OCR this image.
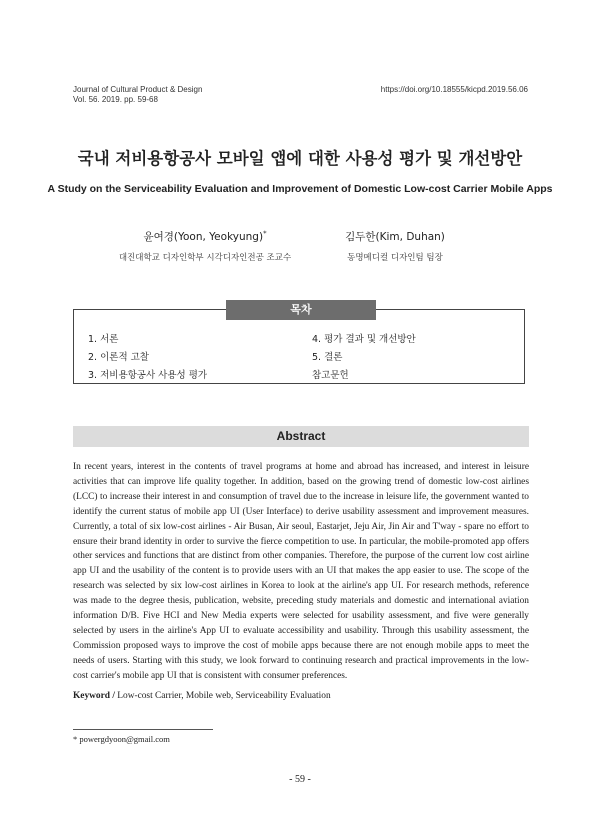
Journal of Cultural Product & Design
Vol. 56. 2019. pp. 59-68
https://doi.org/10.18555/kicpd.2019.56.06
국내 저비용항공사 모바일 앱에 대한 사용성 평가 및 개선방안
A Study on the Serviceability Evaluation and Improvement of Domestic Low-cost Carrier Mobile Apps
윤여경(Yoon, Yeokyung)*
대진대학교 디자인학부 시각디자인전공 조교수
김두한(Kim, Duhan)
동명메디컬 디자인팀 팀장
목차
1. 서론
2. 이론적 고찰
3. 저비용항공사 사용성 평가
4. 평가 결과 및 개선방안
5. 결론
참고문헌
Abstract

In recent years, interest in the contents of travel programs at home and abroad has increased, and interest in leisure activities that can improve life quality together. In addition, based on the growing trend of domestic low-cost airlines (LCC) to increase their interest in and consumption of travel due to the increase in leisure life, the government wanted to identify the current status of mobile app UI (User Interface) to derive usability assessment and improvement measures. Currently, a total of six low-cost airlines - Air Busan, Air seoul, Eastarjet, Jeju Air, Jin Air and T'way - spare no effort to ensure their brand identity in order to survive the fierce competition to use. In particular, the mobile-promoted app offers other services and functions that are distinct from other companies. Therefore, the purpose of the current low cost airline app UI and the usability of the content is to provide users with an UI that makes the app easier to use. The scope of the research was selected by six low-cost airlines in Korea to look at the airline's app UI. For research methods, reference was made to the degree thesis, publication, website, preceding study materials and domestic and international aviation information D/B. Five HCI and New Media experts were selected for usability assessment, and five were generally selected by users in the airline's App UI to evaluate accessibility and usability. Through this usability assessment, the Commission proposed ways to improve the cost of mobile apps because there are not enough mobile apps to meet the needs of users. Starting with this study, we look forward to continuing research and practical improvements in the low-cost carrier's mobile app UI that is consistent with consumer preferences.

Keyword / Low-cost Carrier, Mobile web, Serviceability Evaluation
* powergdyoon@gmail.com
- 59 -
